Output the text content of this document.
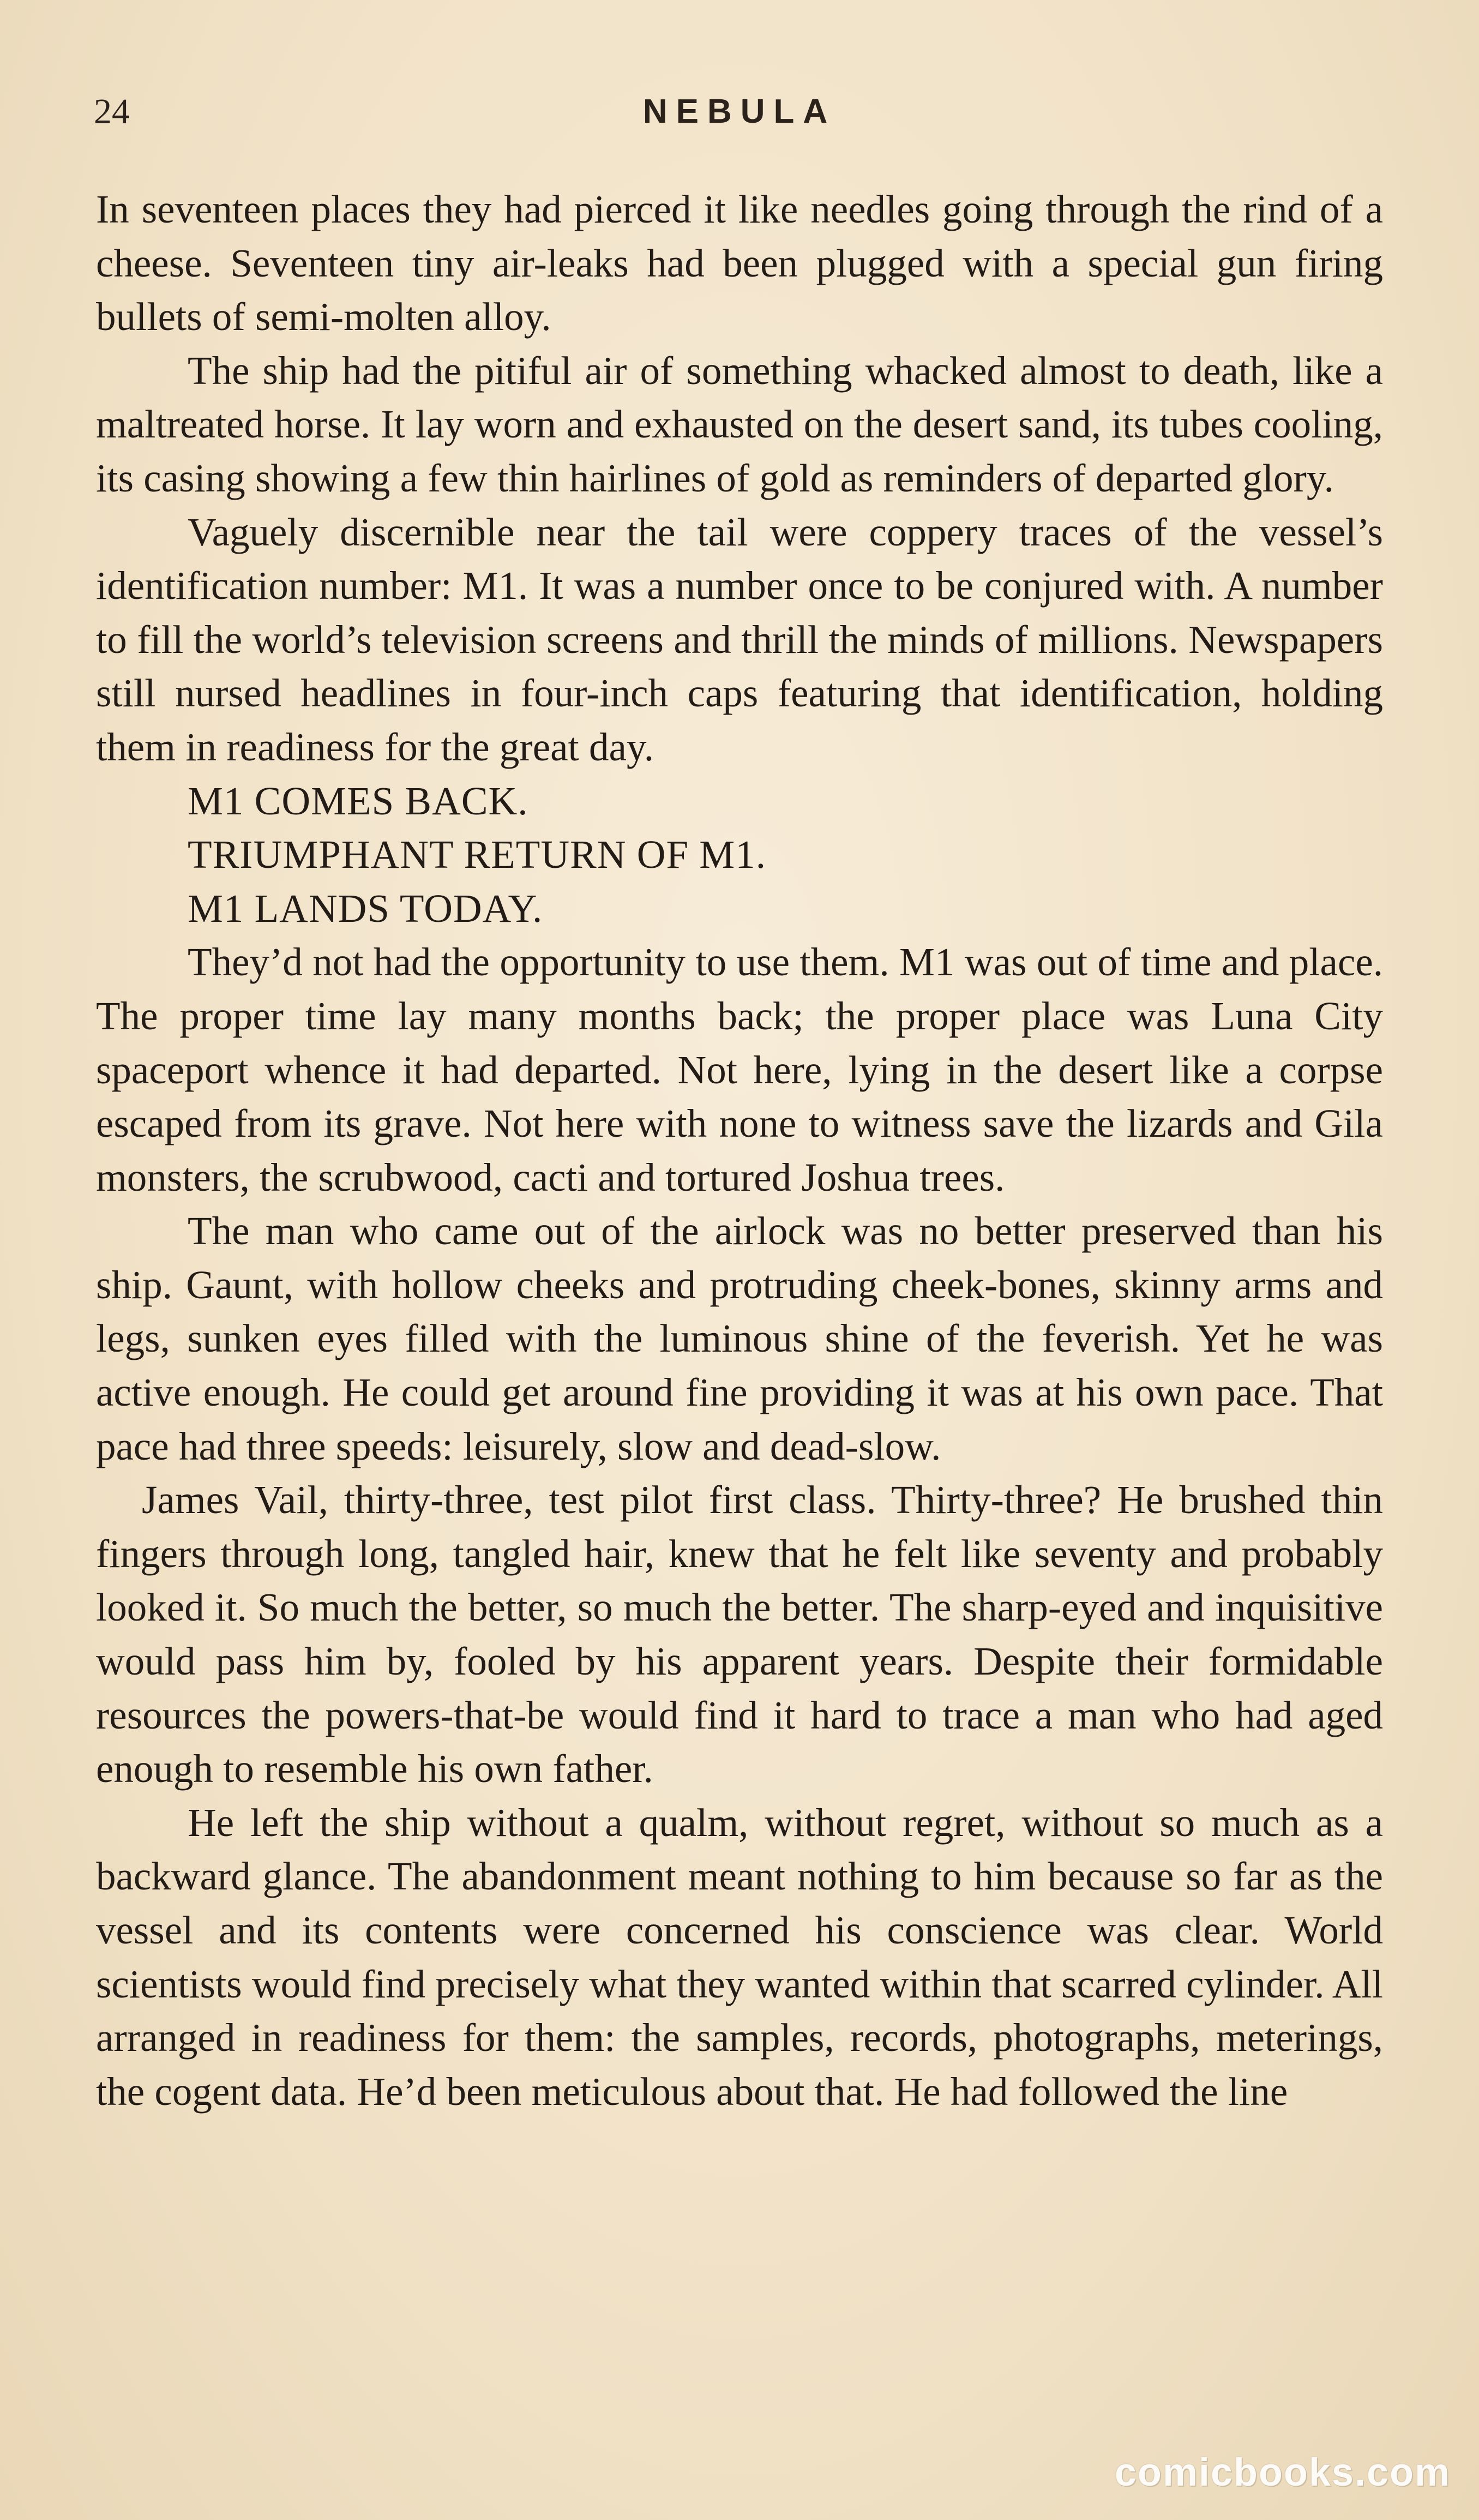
24	NEBULA

In seventeen places they had pierced it like needles going through the rind of a cheese. Seventeen tiny air-leaks had been plugged with a special gun firing bullets of semi-molten alloy.

The ship had the pitiful air of something whacked almost to death, like a maltreated horse. It lay worn and exhausted on the desert sand, its tubes cooling, its casing showing a few thin hairlines of gold as reminders of departed glory.

Vaguely discernible near the tail were coppery traces of the vessel’s identification number: M1. It was a number once to be conjured with. A number to fill the world’s television screens and thrill the minds of millions. Newspapers still nursed headlines in four-inch caps featuring that identification, holding them in readiness for the great day.

M1 COMES BACK.

TRIUMPHANT RETURN OF M1.

M1 LANDS TODAY.

They’d not had the opportunity to use them. M1 was out of time and place. The proper time lay many months back; the proper place was Luna City spaceport whence it had departed. Not here, lying in the desert like a corpse escaped from its grave. Not here with none to witness save the lizards and Gila monsters, the scrubwood, cacti and tortured Joshua trees.

The man who came out of the airlock was no better preserved than his ship. Gaunt, with hollow cheeks and protruding cheek-bones, skinny arms and legs, sunken eyes filled with the luminous shine of the feverish. Yet he was active enough. He could get around fine providing it was at his own pace. That pace had three speeds: leisurely, slow and dead-slow.

James Vail, thirty-three, test pilot first class. Thirty-three? He brushed thin fingers through long, tangled hair, knew that he felt like seventy and probably looked it. So much the better, so much the better. The sharp-eyed and inquisitive would pass him by, fooled by his apparent years. Despite their formidable resources the powers-that-be would find it hard to trace a man who had aged enough to resemble his own father.

He left the ship without a qualm, without regret, without so much as a backward glance. The abandonment meant nothing to him because so far as the vessel and its contents were concerned his conscience was clear. World scientists would find precisely what they wanted within that scarred cylinder. All arranged in readiness for them: the samples, records, photographs, meterings, the cogent data. He’d been meticulous about that. He had followed the line

comicbooks.com
